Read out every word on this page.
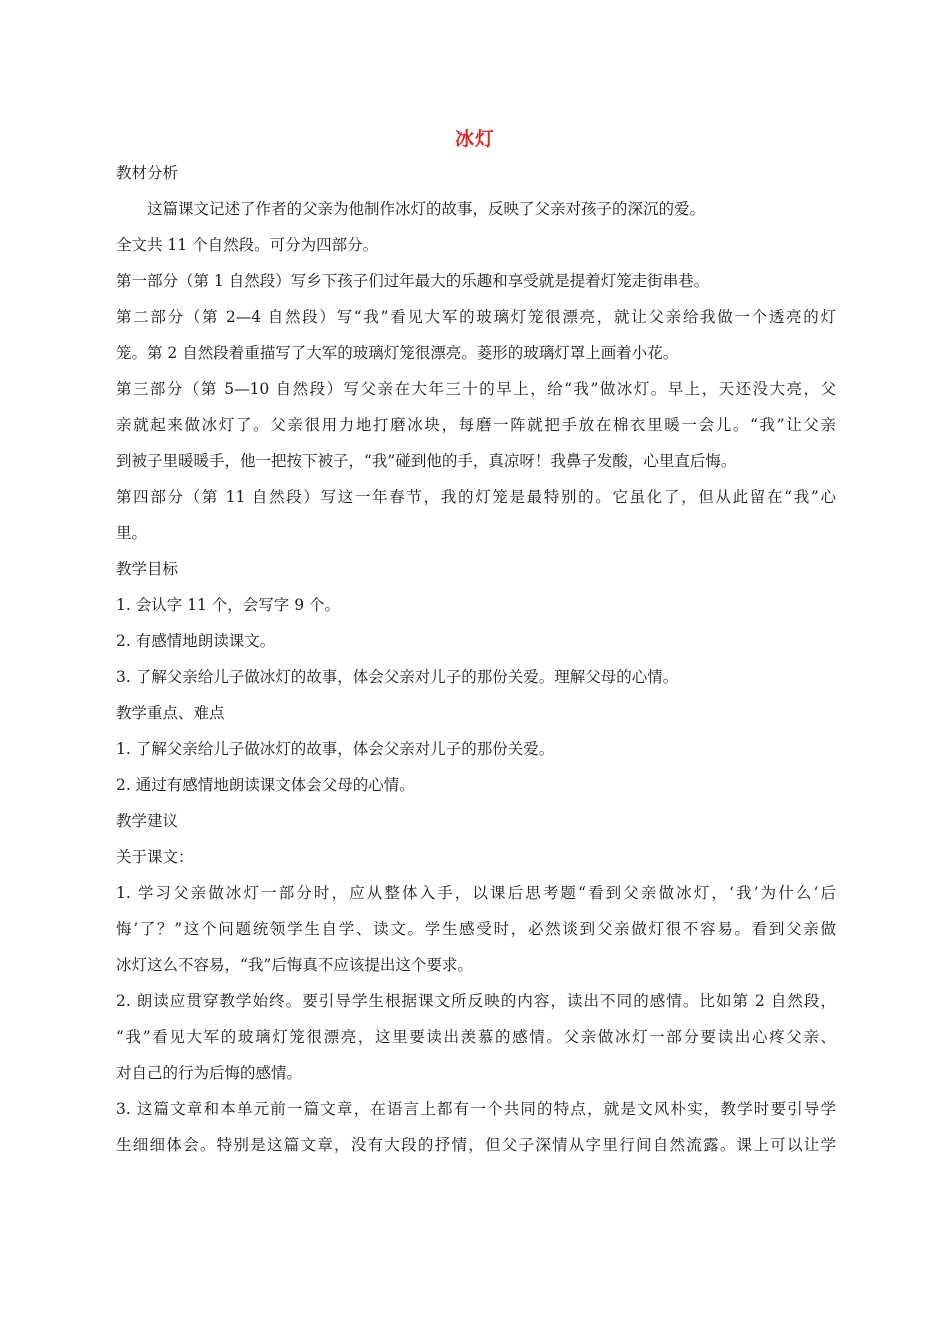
冰灯
教材分析
这篇课文记述了作者的父亲为他制作冰灯的故事，反映了父亲对孩子的深沉的爱。
全文共 11 个自然段。可分为四部分。
第一部分（第 1 自然段）写乡下孩子们过年最大的乐趣和享受就是提着灯笼走街串巷。
第二部分（第 2—4 自然段）写“我”看见大军的玻璃灯笼很漂亮，就让父亲给我做一个透亮的灯
笼。第 2 自然段着重描写了大军的玻璃灯笼很漂亮。菱形的玻璃灯罩上画着小花。
第三部分（第 5—10 自然段）写父亲在大年三十的早上，给“我”做冰灯。早上，天还没大亮，父
亲就起来做冰灯了。父亲很用力地打磨冰块，每磨一阵就把手放在棉衣里暖一会儿。“我”让父亲
到被子里暖暖手，他一把按下被子，“我”碰到他的手，真凉呀！我鼻子发酸，心里直后悔。
第四部分（第 11 自然段）写这一年春节，我的灯笼是最特别的。它虽化了，但从此留在“我”心
里。
教学目标
1. 会认字 11 个，会写字 9 个。
2. 有感情地朗读课文。
3. 了解父亲给儿子做冰灯的故事，体会父亲对儿子的那份关爱。理解父母的心情。
教学重点、难点
1. 了解父亲给儿子做冰灯的故事，体会父亲对儿子的那份关爱。
2. 通过有感情地朗读课文体会父母的心情。
教学建议
关于课文：
1. 学习父亲做冰灯一部分时，应从整体入手，以课后思考题“看到父亲做冰灯，‘我’为什么‘后
悔’了？”这个问题统领学生自学、读文。学生感受时，必然谈到父亲做灯很不容易。看到父亲做
冰灯这么不容易，“我”后悔真不应该提出这个要求。
2. 朗读应贯穿教学始终。要引导学生根据课文所反映的内容，读出不同的感情。比如第 2 自然段，
“我”看见大军的玻璃灯笼很漂亮，这里要读出羡慕的感情。父亲做冰灯一部分要读出心疼父亲、
对自己的行为后悔的感情。
3. 这篇文章和本单元前一篇文章，在语言上都有一个共同的特点，就是文风朴实，教学时要引导学
生细细体会。特别是这篇文章，没有大段的抒情，但父子深情从字里行间自然流露。课上可以让学
